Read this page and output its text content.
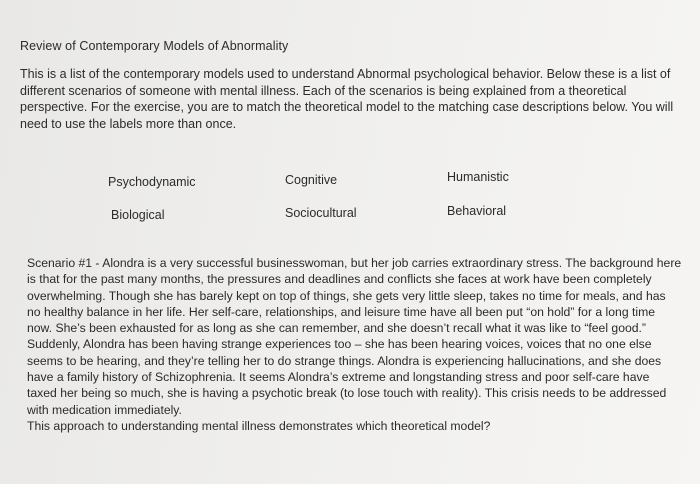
Review of Contemporary Models of Abnormality
This is a list of the contemporary models used to understand Abnormal psychological behavior. Below these is a list of
different scenarios of someone with mental illness. Each of the scenarios is being explained from a theoretical
perspective. For the exercise, you are to match the theoretical model to the matching case descriptions below. You will
need to use the labels more than once.
Psychodynamic	Cognitive	Humanistic
Biological	Sociocultural	Behavioral
Scenario #1 - Alondra is a very successful businesswoman, but her job carries extraordinary stress. The background here
is that for the past many months, the pressures and deadlines and conflicts she faces at work have been completely
overwhelming. Though she has barely kept on top of things, she gets very little sleep, takes no time for meals, and has
no healthy balance in her life. Her self-care, relationships, and leisure time have all been put “on hold” for a long time
now. She’s been exhausted for as long as she can remember, and she doesn’t recall what it was like to “feel good.”
Suddenly, Alondra has been having strange experiences too – she has been hearing voices, voices that no one else
seems to be hearing, and they’re telling her to do strange things. Alondra is experiencing hallucinations, and she does
have a family history of Schizophrenia. It seems Alondra’s extreme and longstanding stress and poor self-care have
taxed her being so much, she is having a psychotic break (to lose touch with reality). This crisis needs to be addressed
with medication immediately.
This approach to understanding mental illness demonstrates which theoretical model?
